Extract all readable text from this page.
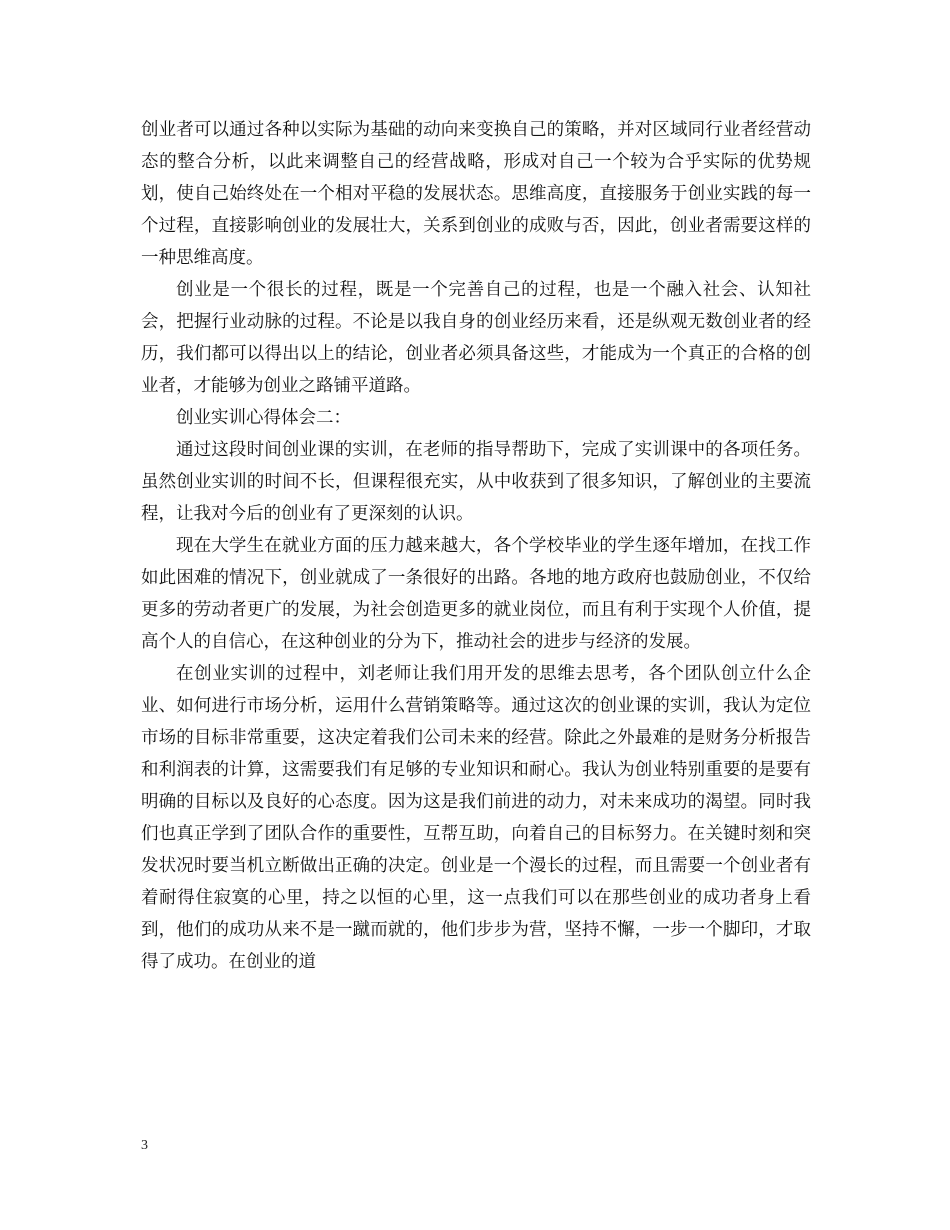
创业者可以通过各种以实际为基础的动向来变换自己的策略，并对区域同行业者经营动态的整合分析，以此来调整自己的经营战略，形成对自己一个较为合乎实际的优势规划，使自己始终处在一个相对平稳的发展状态。思维高度，直接服务于创业实践的每一个过程，直接影响创业的发展壮大，关系到创业的成败与否，因此，创业者需要这样的一种思维高度。

创业是一个很长的过程，既是一个完善自己的过程，也是一个融入社会、认知社会，把握行业动脉的过程。不论是以我自身的创业经历来看，还是纵观无数创业者的经历，我们都可以得出以上的结论，创业者必须具备这些，才能成为一个真正的合格的创业者，才能够为创业之路铺平道路。

创业实训心得体会二：

通过这段时间创业课的实训，在老师的指导帮助下，完成了实训课中的各项任务。虽然创业实训的时间不长，但课程很充实，从中收获到了很多知识，了解创业的主要流程，让我对今后的创业有了更深刻的认识。

现在大学生在就业方面的压力越来越大，各个学校毕业的学生逐年增加，在找工作如此困难的情况下，创业就成了一条很好的出路。各地的地方政府也鼓励创业，不仅给更多的劳动者更广的发展，为社会创造更多的就业岗位，而且有利于实现个人价值，提高个人的自信心，在这种创业的分为下，推动社会的进步与经济的发展。

在创业实训的过程中，刘老师让我们用开发的思维去思考，各个团队创立什么企业、如何进行市场分析，运用什么营销策略等。通过这次的创业课的实训，我认为定位市场的目标非常重要，这决定着我们公司未来的经营。除此之外最难的是财务分析报告和利润表的计算，这需要我们有足够的专业知识和耐心。我认为创业特别重要的是要有明确的目标以及良好的心态度。因为这是我们前进的动力，对未来成功的渴望。同时我们也真正学到了团队合作的重要性，互帮互助，向着自己的目标努力。在关键时刻和突发状况时要当机立断做出正确的决定。创业是一个漫长的过程，而且需要一个创业者有着耐得住寂寞的心里，持之以恒的心里，这一点我们可以在那些创业的成功者身上看到，他们的成功从来不是一蹴而就的，他们步步为营，坚持不懈，一步一个脚印，才取得了成功。在创业的道

3
